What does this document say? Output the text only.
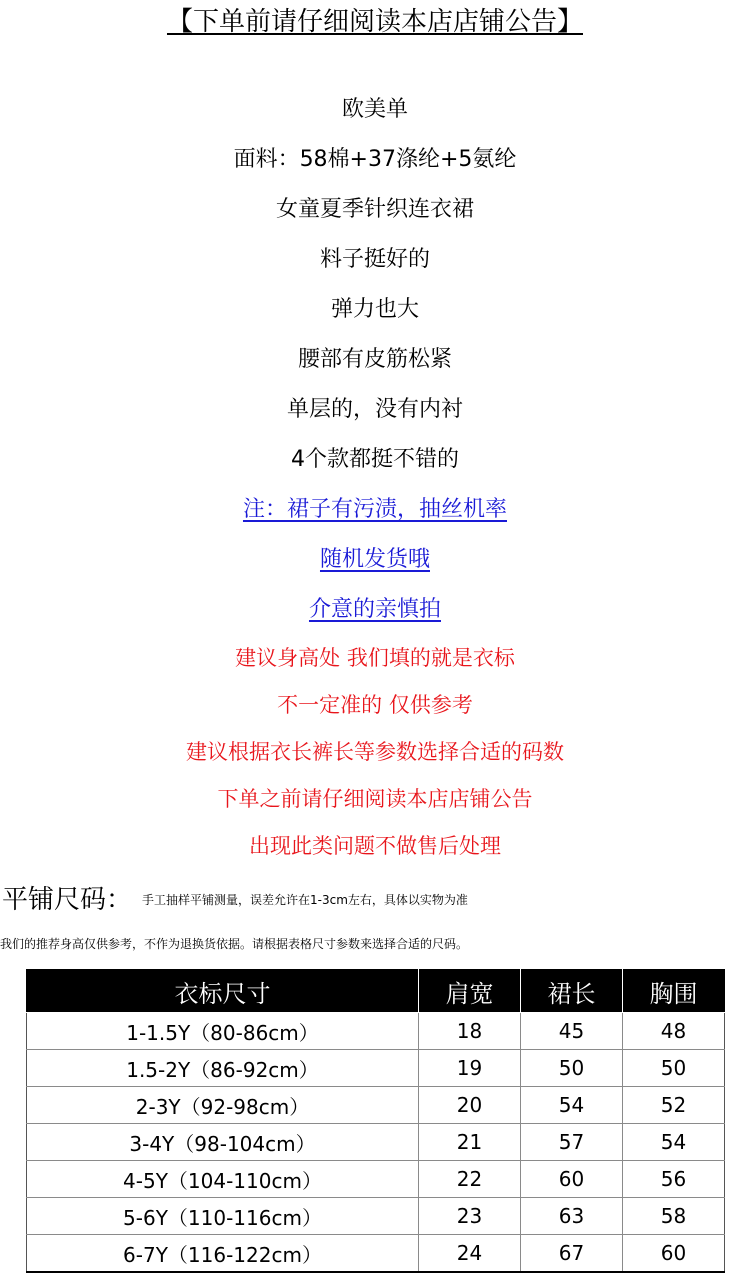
【下单前请仔细阅读本店店铺公告】
欧美单
面料：58棉+37涤纶+5氨纶
女童夏季针织连衣裙
料子挺好的
弹力也大
腰部有皮筋松紧
单层的，没有内衬
4个款都挺不错的
注：裙子有污渍，抽丝机率
随机发货哦
介意的亲慎拍
建议身高处 我们填的就是衣标
不一定准的 仅供参考
建议根据衣长裤长等参数选择合适的码数
下单之前请仔细阅读本店店铺公告
出现此类问题不做售后处理
平铺尺码： 手工抽样平铺测量，误差允许在1-3cm左右，具体以实物为准
我们的推荐身高仅供参考，不作为退换货依据。请根据表格尺寸参数来选择合适的尺码。
衣标尺寸	肩宽	裙长	胸围
1-1.5Y（80-86cm）	18	45	48
1.5-2Y（86-92cm）	19	50	50
2-3Y（92-98cm）	20	54	52
3-4Y（98-104cm）	21	57	54
4-5Y（104-110cm）	22	60	56
5-6Y（110-116cm）	23	63	58
6-7Y（116-122cm）	24	67	60
